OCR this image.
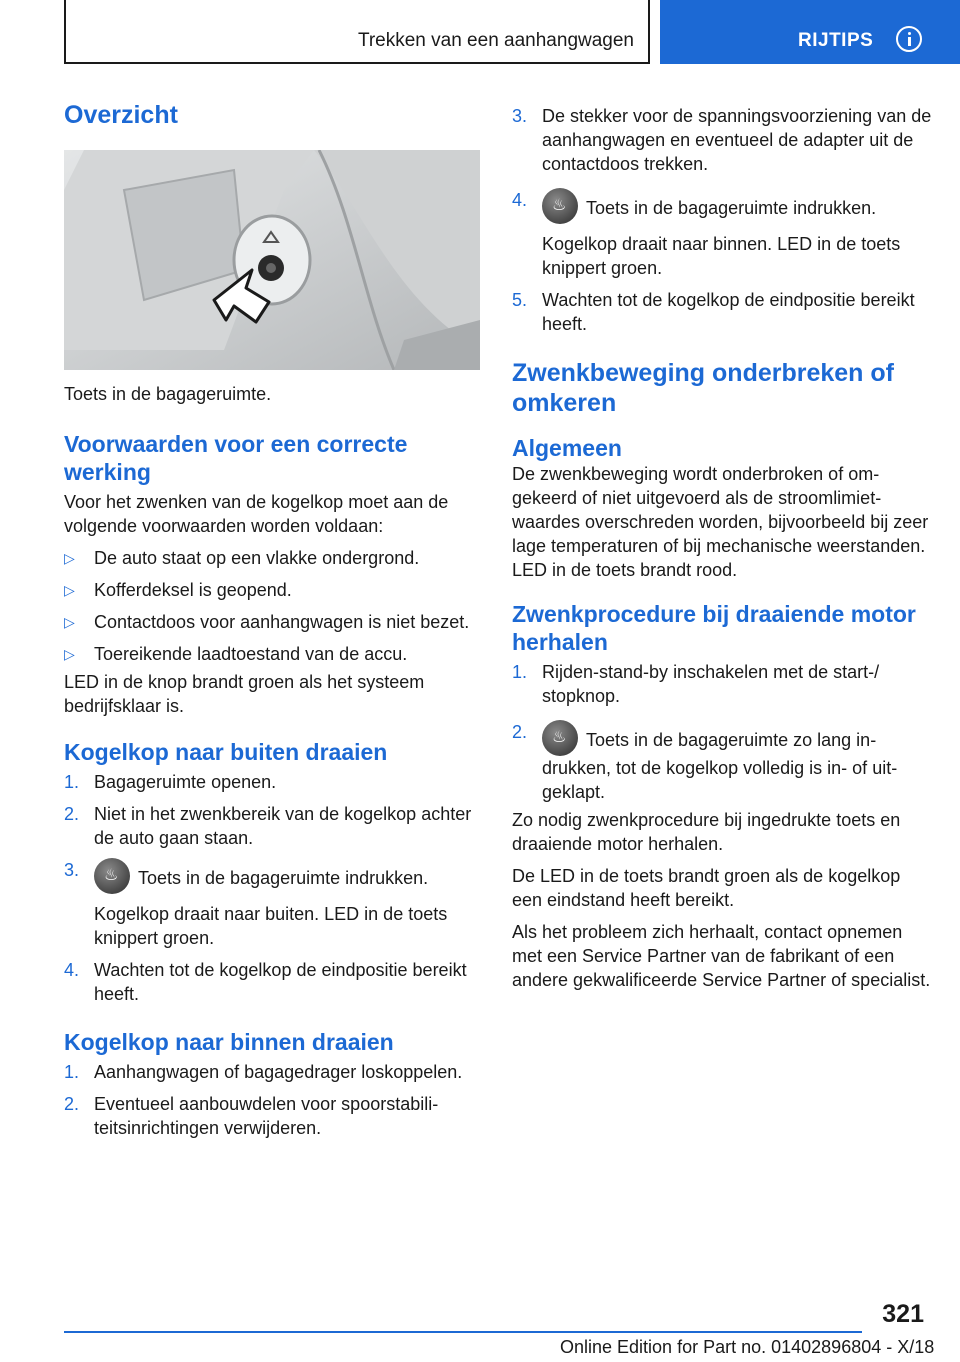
Trekken van een aanhangwagen	RIJTIPS
Overzicht

Toets in de bagageruimte.

Voorwaarden voor een correcte werking

Voor het zwenken van de kogelkop moet aan de volgende voorwaarden worden voldaan:

▷ De auto staat op een vlakke ondergrond.
▷ Kofferdeksel is geopend.
▷ Contactdoos voor aanhangwagen is niet bezet.
▷ Toereikende laadtoestand van de accu.

LED in de knop brandt groen als het systeem bedrijfsklaar is.

Kogelkop naar buiten draaien
1. Bagageruimte openen.
2. Niet in het zwenkbereik van de kogelkop achter de auto gaan staan.
3. ♨	Toets in de bagageruimte indrukken.
Kogelkop draait naar buiten. LED in de toets knippert groen.
4. Wachten tot de kogelkop de eindpositie bereikt heeft.
Kogelkop naar binnen draaien
1. Aanhangwagen of bagagedrager loskoppelen.
2. Eventueel aanbouwdelen voor spoorstabiliteitsinrichtingen verwijderen.
3. De stekker voor de spanningsvoorziening van de aanhangwagen en eventueel de adapter uit de contactdoos trekken.
4. ♨	Toets in de bagageruimte indrukken.
Kogelkop draait naar binnen. LED in de toets knippert groen.
5. Wachten tot de kogelkop de eindpositie bereikt heeft.
Zwenkbeweging onderbreken of omkeren
Algemeen

De zwenkbeweging wordt onderbroken of omgekeerd of niet uitgevoerd als de stroomlimietwaardes overschreden worden, bijvoorbeeld bij zeer lage temperaturen of bij mechanische weerstanden. LED in de toets brandt rood.

Zwenkprocedure bij draaiende motor herhalen
1. Rijden-stand-by inschakelen met de start-/ stopknop.
2. ♨	Toets in de bagageruimte zo lang indrukken, tot de kogelkop volledig is in- of uitgeklapt.

Zo nodig zwenkprocedure bij ingedrukte toets en draaiende motor herhalen.

De LED in de toets brandt groen als de kogelkop een eindstand heeft bereikt.

Als het probleem zich herhaalt, contact opnemen met een Service Partner van de fabrikant of een andere gekwalificeerde Service Partner of specialist.

321
Online Edition for Part no. 01402896804 - X/18
